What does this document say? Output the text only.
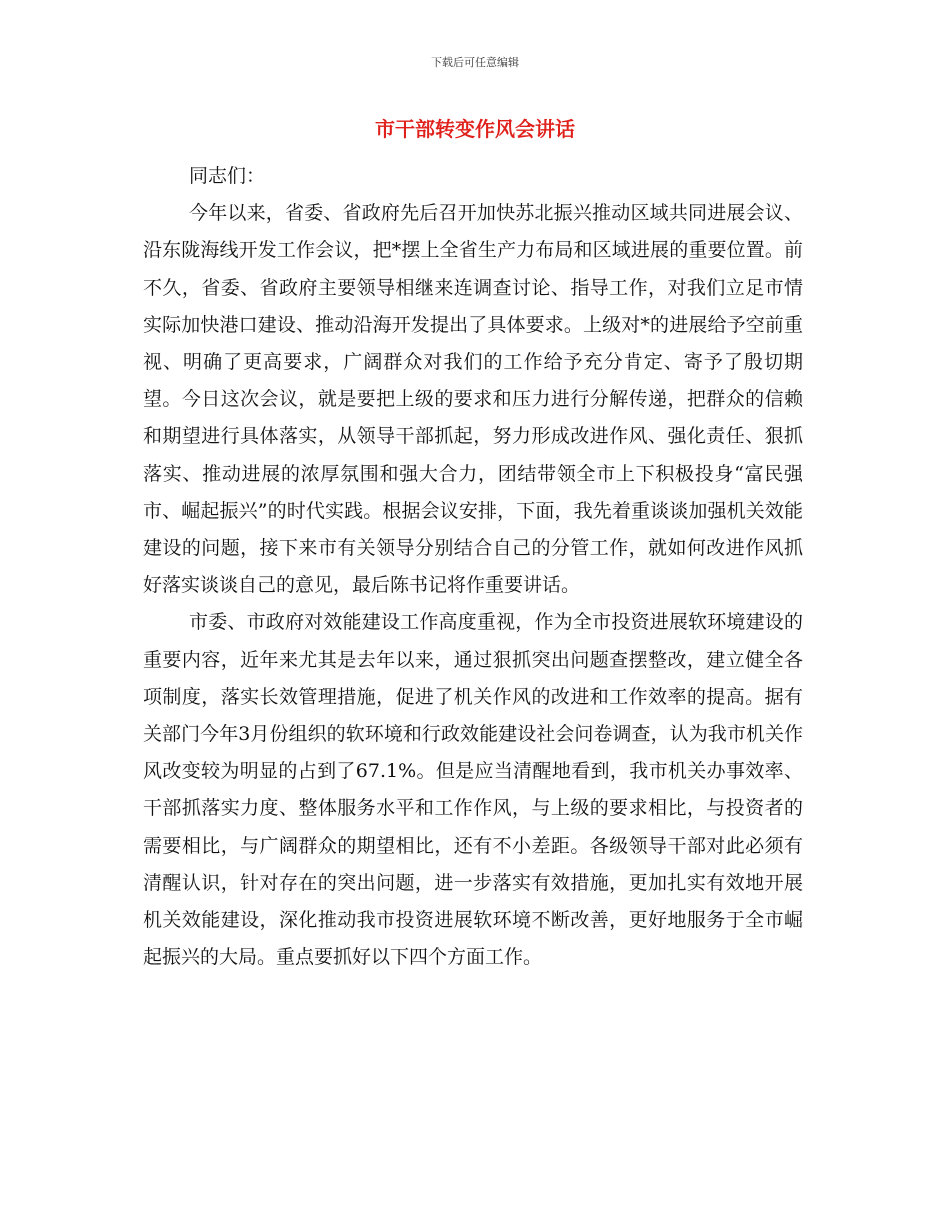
下载后可任意编辑
市干部转变作风会讲话

同志们：

今年以来，省委、省政府先后召开加快苏北振兴推动区域共同进展会议、沿东陇海线开发工作会议，把*摆上全省生产力布局和区域进展的重要位置。前不久，省委、省政府主要领导相继来连调查讨论、指导工作，对我们立足市情实际加快港口建设、推动沿海开发提出了具体要求。上级对*的进展给予空前重视、明确了更高要求，广阔群众对我们的工作给予充分肯定、寄予了殷切期望。今日这次会议，就是要把上级的要求和压力进行分解传递，把群众的信赖和期望进行具体落实，从领导干部抓起，努力形成改进作风、强化责任、狠抓落实、推动进展的浓厚氛围和强大合力，团结带领全市上下积极投身“富民强市、崛起振兴”的时代实践。根据会议安排，下面，我先着重谈谈加强机关效能建设的问题，接下来市有关领导分别结合自己的分管工作，就如何改进作风抓好落实谈谈自己的意见，最后陈书记将作重要讲话。

市委、市政府对效能建设工作高度重视，作为全市投资进展软环境建设的重要内容，近年来尤其是去年以来，通过狠抓突出问题查摆整改，建立健全各项制度，落实长效管理措施，促进了机关作风的改进和工作效率的提高。据有关部门今年3月份组织的软环境和行政效能建设社会问卷调查，认为我市机关作风改变较为明显的占到了67.1%。但是应当清醒地看到，我市机关办事效率、干部抓落实力度、整体服务水平和工作作风，与上级的要求相比，与投资者的需要相比，与广阔群众的期望相比，还有不小差距。各级领导干部对此必须有清醒认识，针对存在的突出问题，进一步落实有效措施，更加扎实有效地开展机关效能建设，深化推动我市投资进展软环境不断改善，更好地服务于全市崛起振兴的大局。重点要抓好以下四个方面工作。
